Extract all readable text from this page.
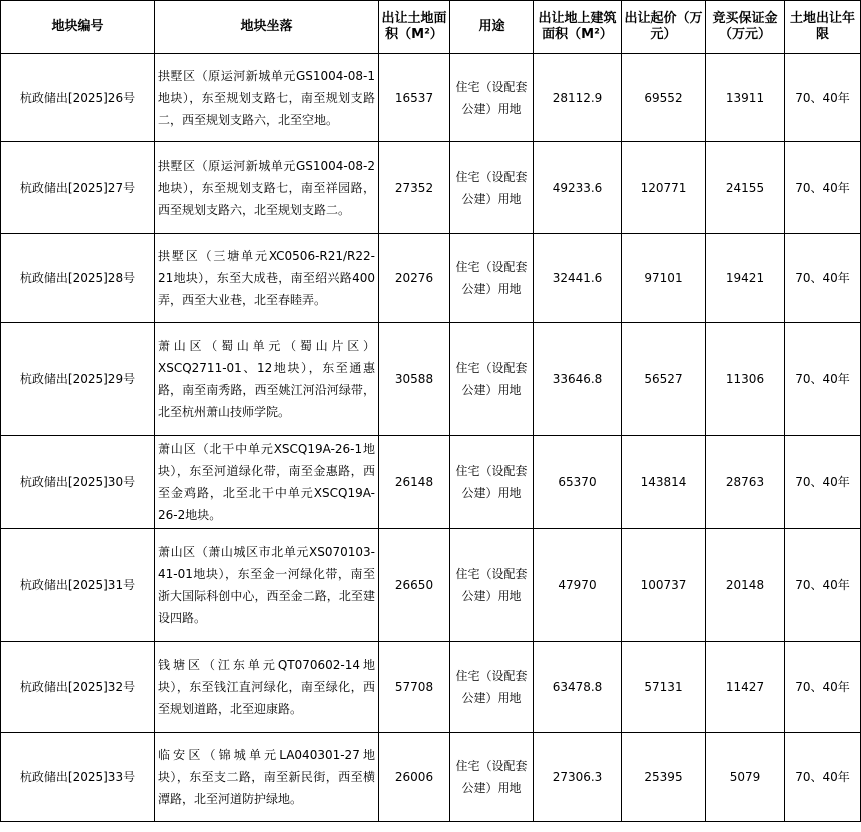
地块编号	地块坐落	出让土地面积（M²）	用途	出让地上建筑面积（M²）	出让起价（万元）	竞买保证金（万元）	土地出让年限
杭政储出[2025]26号	拱墅区（原运河新城单元GS1004-08-1地块），东至规划支路七，南至规划支路二，西至规划支路六，北至空地。	16537	住宅（设配套公建）用地	28112.9	69552	13911	70、40年
杭政储出[2025]27号	拱墅区（原运河新城单元GS1004-08-2地块），东至规划支路七，南至祥园路，西至规划支路六，北至规划支路二。	27352	住宅（设配套公建）用地	49233.6	120771	24155	70、40年
杭政储出[2025]28号	拱墅区（三塘单元XC0506-R21/R22-21地块），东至大成巷，南至绍兴路400弄，西至大业巷，北至春睦弄。	20276	住宅（设配套公建）用地	32441.6	97101	19421	70、40年
杭政储出[2025]29号	萧山区（蜀山单元（蜀山片区）XSCQ2711-01、12地块），东至通惠路，南至南秀路，西至姚江河沿河绿带，北至杭州萧山技师学院。	30588	住宅（设配套公建）用地	33646.8	56527	11306	70、40年
杭政储出[2025]30号	萧山区（北干中单元XSCQ19A-26-1地块），东至河道绿化带，南至金惠路，西至金鸡路，北至北干中单元XSCQ19A-26-2地块。	26148	住宅（设配套公建）用地	65370	143814	28763	70、40年
杭政储出[2025]31号	萧山区（萧山城区市北单元XS070103-41-01地块），东至金一河绿化带，南至浙大国际科创中心，西至金二路，北至建设四路。	26650	住宅（设配套公建）用地	47970	100737	20148	70、40年
杭政储出[2025]32号	钱塘区（江东单元QT070602-14地块），东至钱江直河绿化，南至绿化，西至规划道路，北至迎康路。	57708	住宅（设配套公建）用地	63478.8	57131	11427	70、40年
杭政储出[2025]33号	临安区（锦城单元LA040301-27地块），东至支二路，南至新民街，西至横潭路，北至河道防护绿地。	26006	住宅（设配套公建）用地	27306.3	25395	5079	70、40年
